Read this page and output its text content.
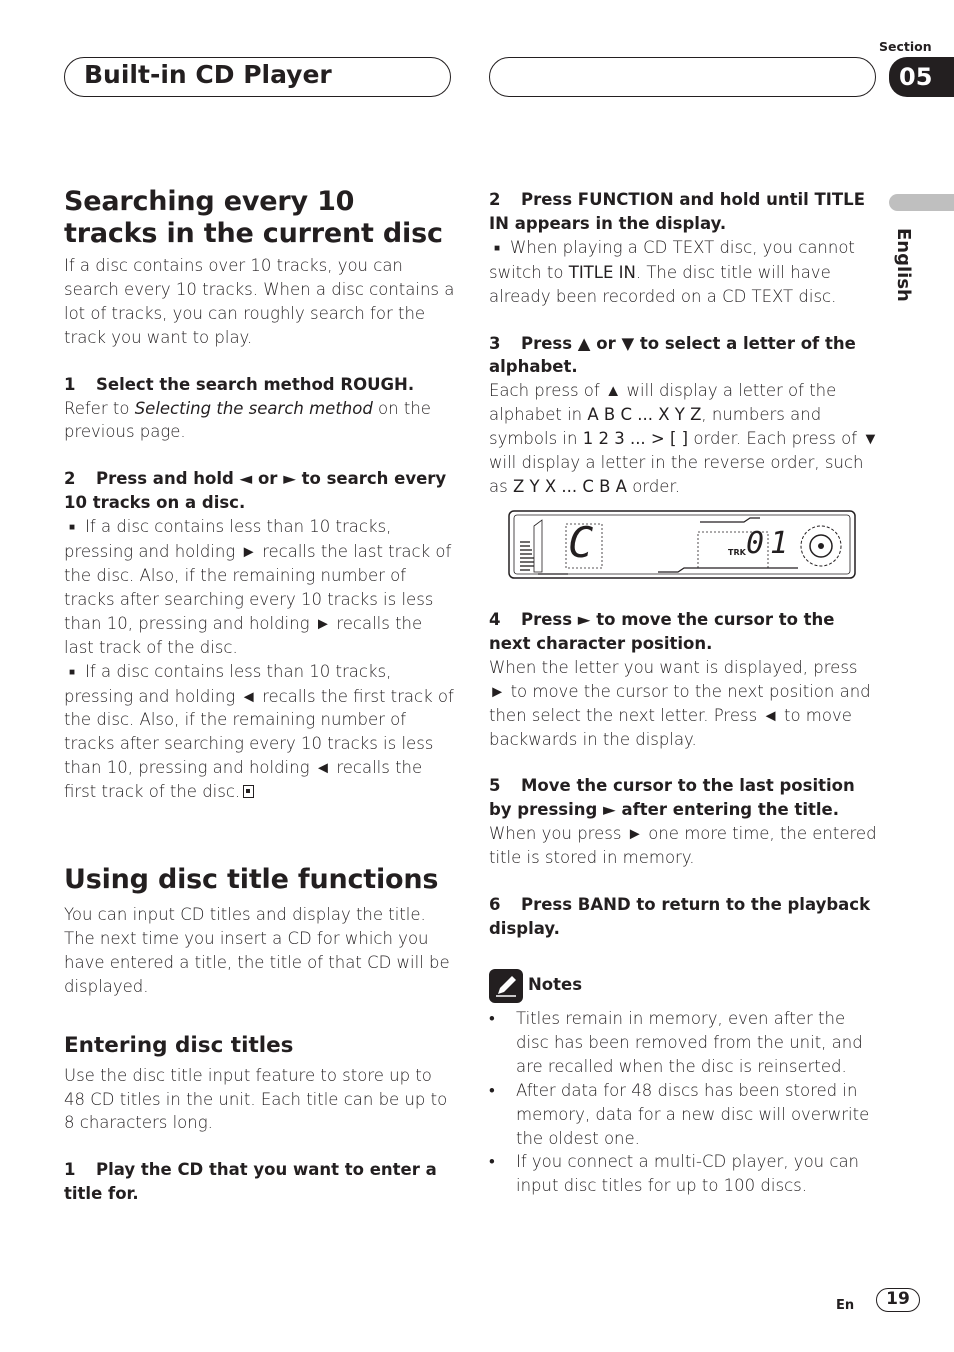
Built-in CD Player
Section
05
English
Searching every 10 tracks in the current disc

If a disc contains over 10 tracks, you can search every 10 tracks. When a disc contains a lot of tracks, you can roughly search for the track you want to play.

1 Select the search method ROUGH.

Refer to Selecting the search method on the previous page.

2 Press and hold ◄ or ► to search every 10 tracks on a disc.

■ If a disc contains less than 10 tracks, pressing and holding ► recalls the last track of the disc. Also, if the remaining number of tracks after searching every 10 tracks is less than 10, pressing and holding ► recalls the last track of the disc.

■ If a disc contains less than 10 tracks, pressing and holding ◄ recalls the first track of the disc. Also, if the remaining number of tracks after searching every 10 tracks is less than 10, pressing and holding ◄ recalls the first track of the disc.

Using disc title functions

You can input CD titles and display the title. The next time you insert a CD for which you have entered a title, the title of that CD will be displayed.

Entering disc titles

Use the disc title input feature to store up to 48 CD titles in the unit. Each title can be up to 8 characters long.

1 Play the CD that you want to enter a title for.

2 Press FUNCTION and hold until TITLE IN appears in the display.

■ When playing a CD TEXT disc, you cannot switch to TITLE IN. The disc title will have already been recorded on a CD TEXT disc.

3 Press ▲ or ▼ to select a letter of the alphabet.

Each press of ▲ will display a letter of the alphabet in A B C ... X Y Z, numbers and symbols in 1 2 3 ... > [ ] order. Each press of ▼ will display a letter in the reverse order, such as Z Y X ... C B A order.

C	TRK 01

4 Press ► to move the cursor to the next character position.

When the letter you want is displayed, press ► to move the cursor to the next position and then select the next letter. Press ◄ to move backwards in the display.

5 Move the cursor to the last position by pressing ► after entering the title.

When you press ► one more time, the entered title is stored in memory.

6 Press BAND to return to the playback display.

Notes
• Titles remain in memory, even after the disc has been removed from the unit, and are recalled when the disc is reinserted.
• After data for 48 discs has been stored in memory, data for a new disc will overwrite the oldest one.
• If you connect a multi-CD player, you can input disc titles for up to 100 discs.
En	19
